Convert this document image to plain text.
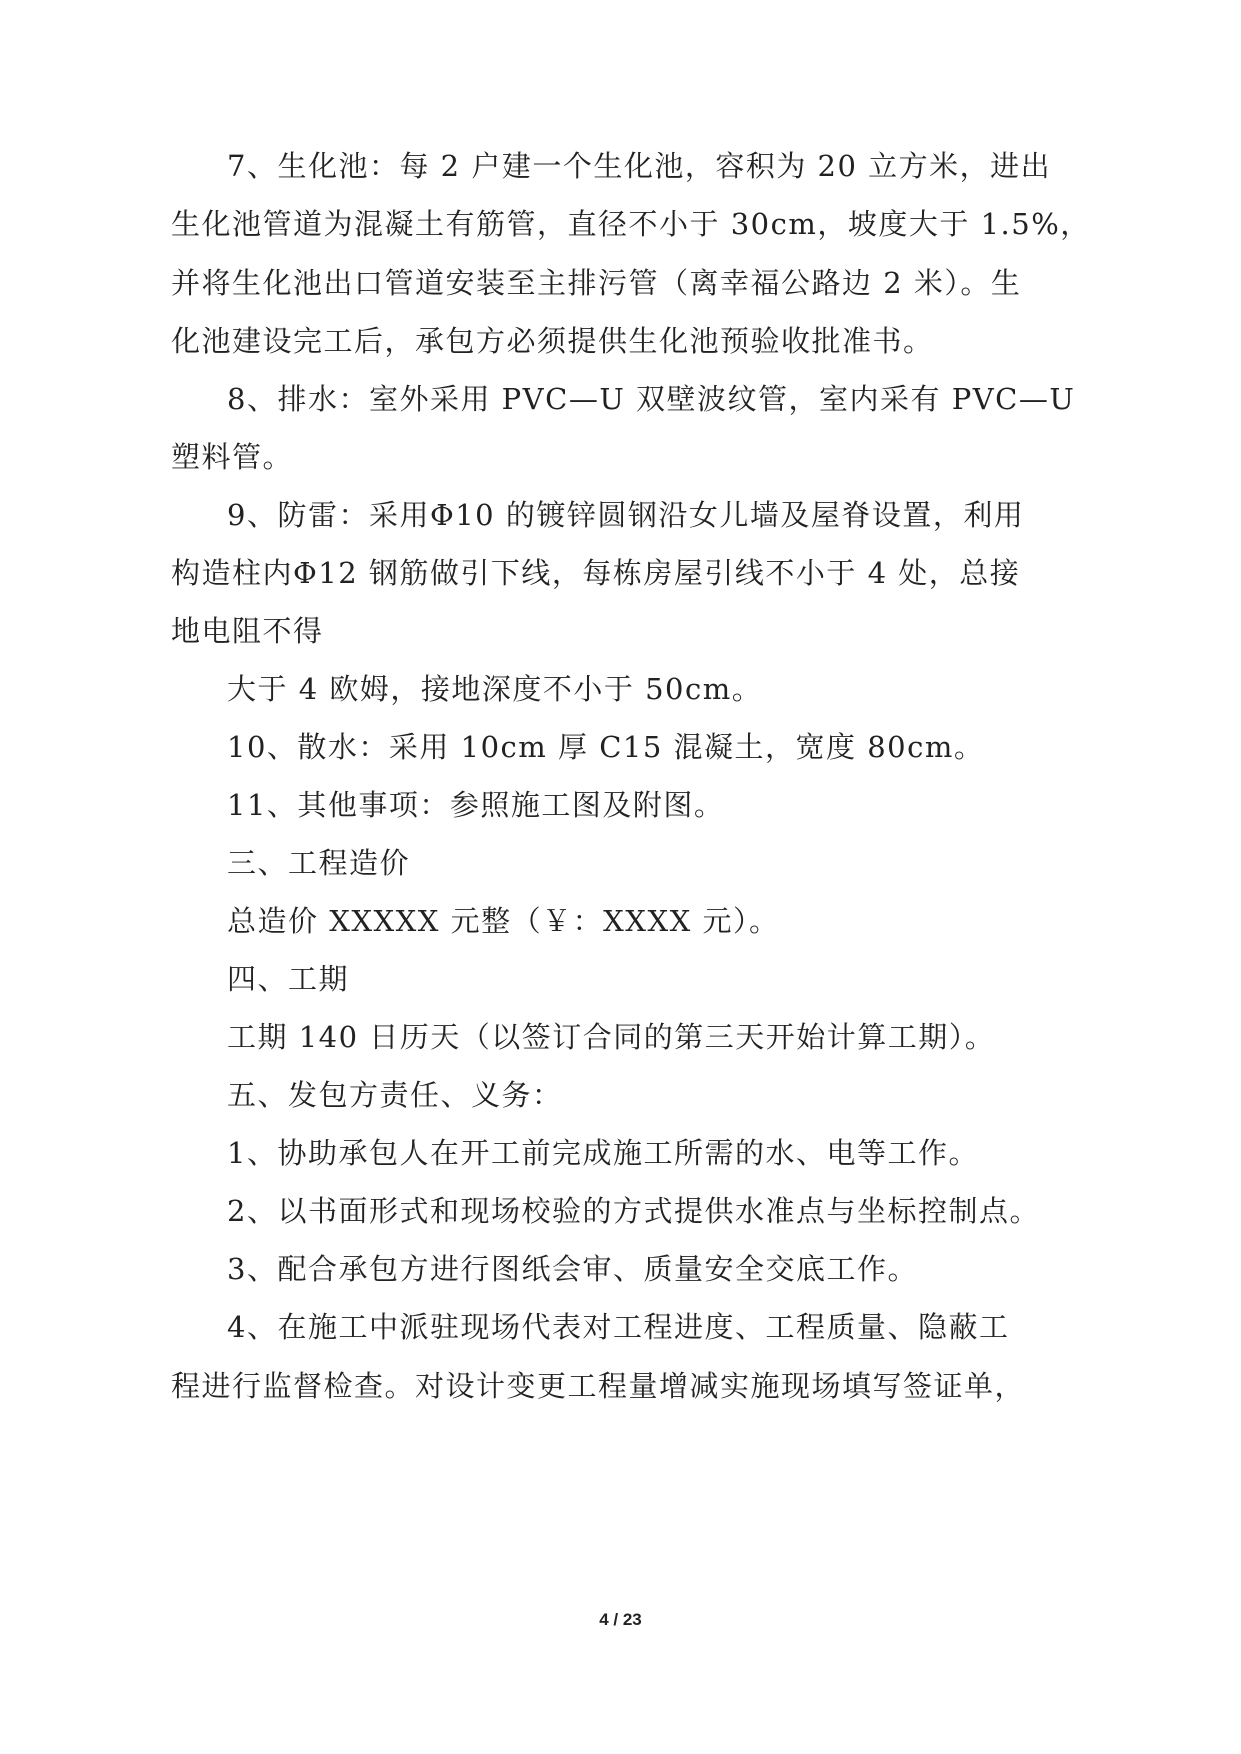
7、生化池：每 2 户建一个生化池，容积为 20 立方米，进出
生化池管道为混凝土有筋管，直径不小于 30cm，坡度大于 1.5%，
并将生化池出口管道安装至主排污管（离幸福公路边 2 米）。生
化池建设完工后，承包方必须提供生化池预验收批准书。
8、排水：室外采用 PVC—U 双壁波纹管，室内采有 PVC—U
塑料管。
9、防雷：采用Φ10 的镀锌圆钢沿女儿墙及屋脊设置，利用
构造柱内Φ12 钢筋做引下线，每栋房屋引线不小于 4 处，总接
地电阻不得
大于 4 欧姆，接地深度不小于 50cm。
10、散水：采用 10cm 厚 C15 混凝土，宽度 80cm。
11、其他事项：参照施工图及附图。
三、工程造价
总造价 XXXXX 元整（￥：XXXX 元）。
四、工期
工期 140 日历天（以签订合同的第三天开始计算工期）。
五、发包方责任、义务：
1、协助承包人在开工前完成施工所需的水、电等工作。
2、以书面形式和现场校验的方式提供水准点与坐标控制点。
3、配合承包方进行图纸会审、质量安全交底工作。
4、在施工中派驻现场代表对工程进度、工程质量、隐蔽工
程进行监督检查。对设计变更工程量增减实施现场填写签证单，
4 / 23
